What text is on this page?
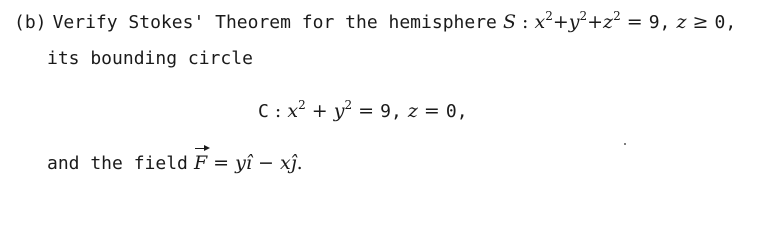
(b) Verify Stokes' Theorem for the hemisphere S : $x^2+y^2+z^2 = 9$, z ≥ 0,
its bounding circle
C : $x^2 + y^2 = 9$, z = 0,
and the field F = yî − xĵ.
